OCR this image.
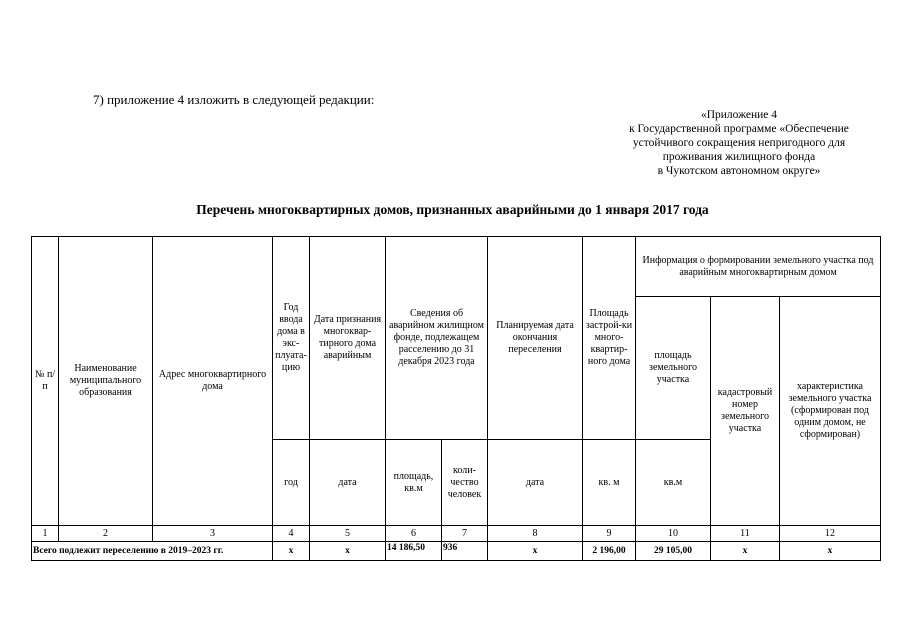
7) приложение 4 изложить в следующей редакции:
«Приложение 4
к Государственной программе «Обеспечение
устойчивого сокращения непригодного для
проживания жилищного фонда
в Чукотском автономном округе»
Перечень многоквартирных домов, признанных аварийными до 1 января 2017 года
№ п/п	Наименование муниципального образования	Адрес многоквартирного дома	Год ввода дома в экс-плуата-цию	Дата признания многоквар-тирного дома аварийным	Сведения об аварийном жилищном фонде, подлежащем расселению до 31 декабря 2023 года		Планируемая дата окончания переселения	Площадь застрой-ки много-квартир-ного дома	Информация о формировании земельного участка под аварийным многоквартирным домом		
									площадь земельного участка	кадастровый номер земельного участка	характеристика земельного участка (сформирован под одним домом, не сформирован)
			год	дата	площадь, кв.м	коли-чество человек	дата	кв. м	кв.м		
1	2	3	4	5	6	7	8	9	10	11	12
Всего подлежит переселению в 2019–2023 гг.			х	х	14 186,50	936	х	2 196,00	29 105,00	х	х
